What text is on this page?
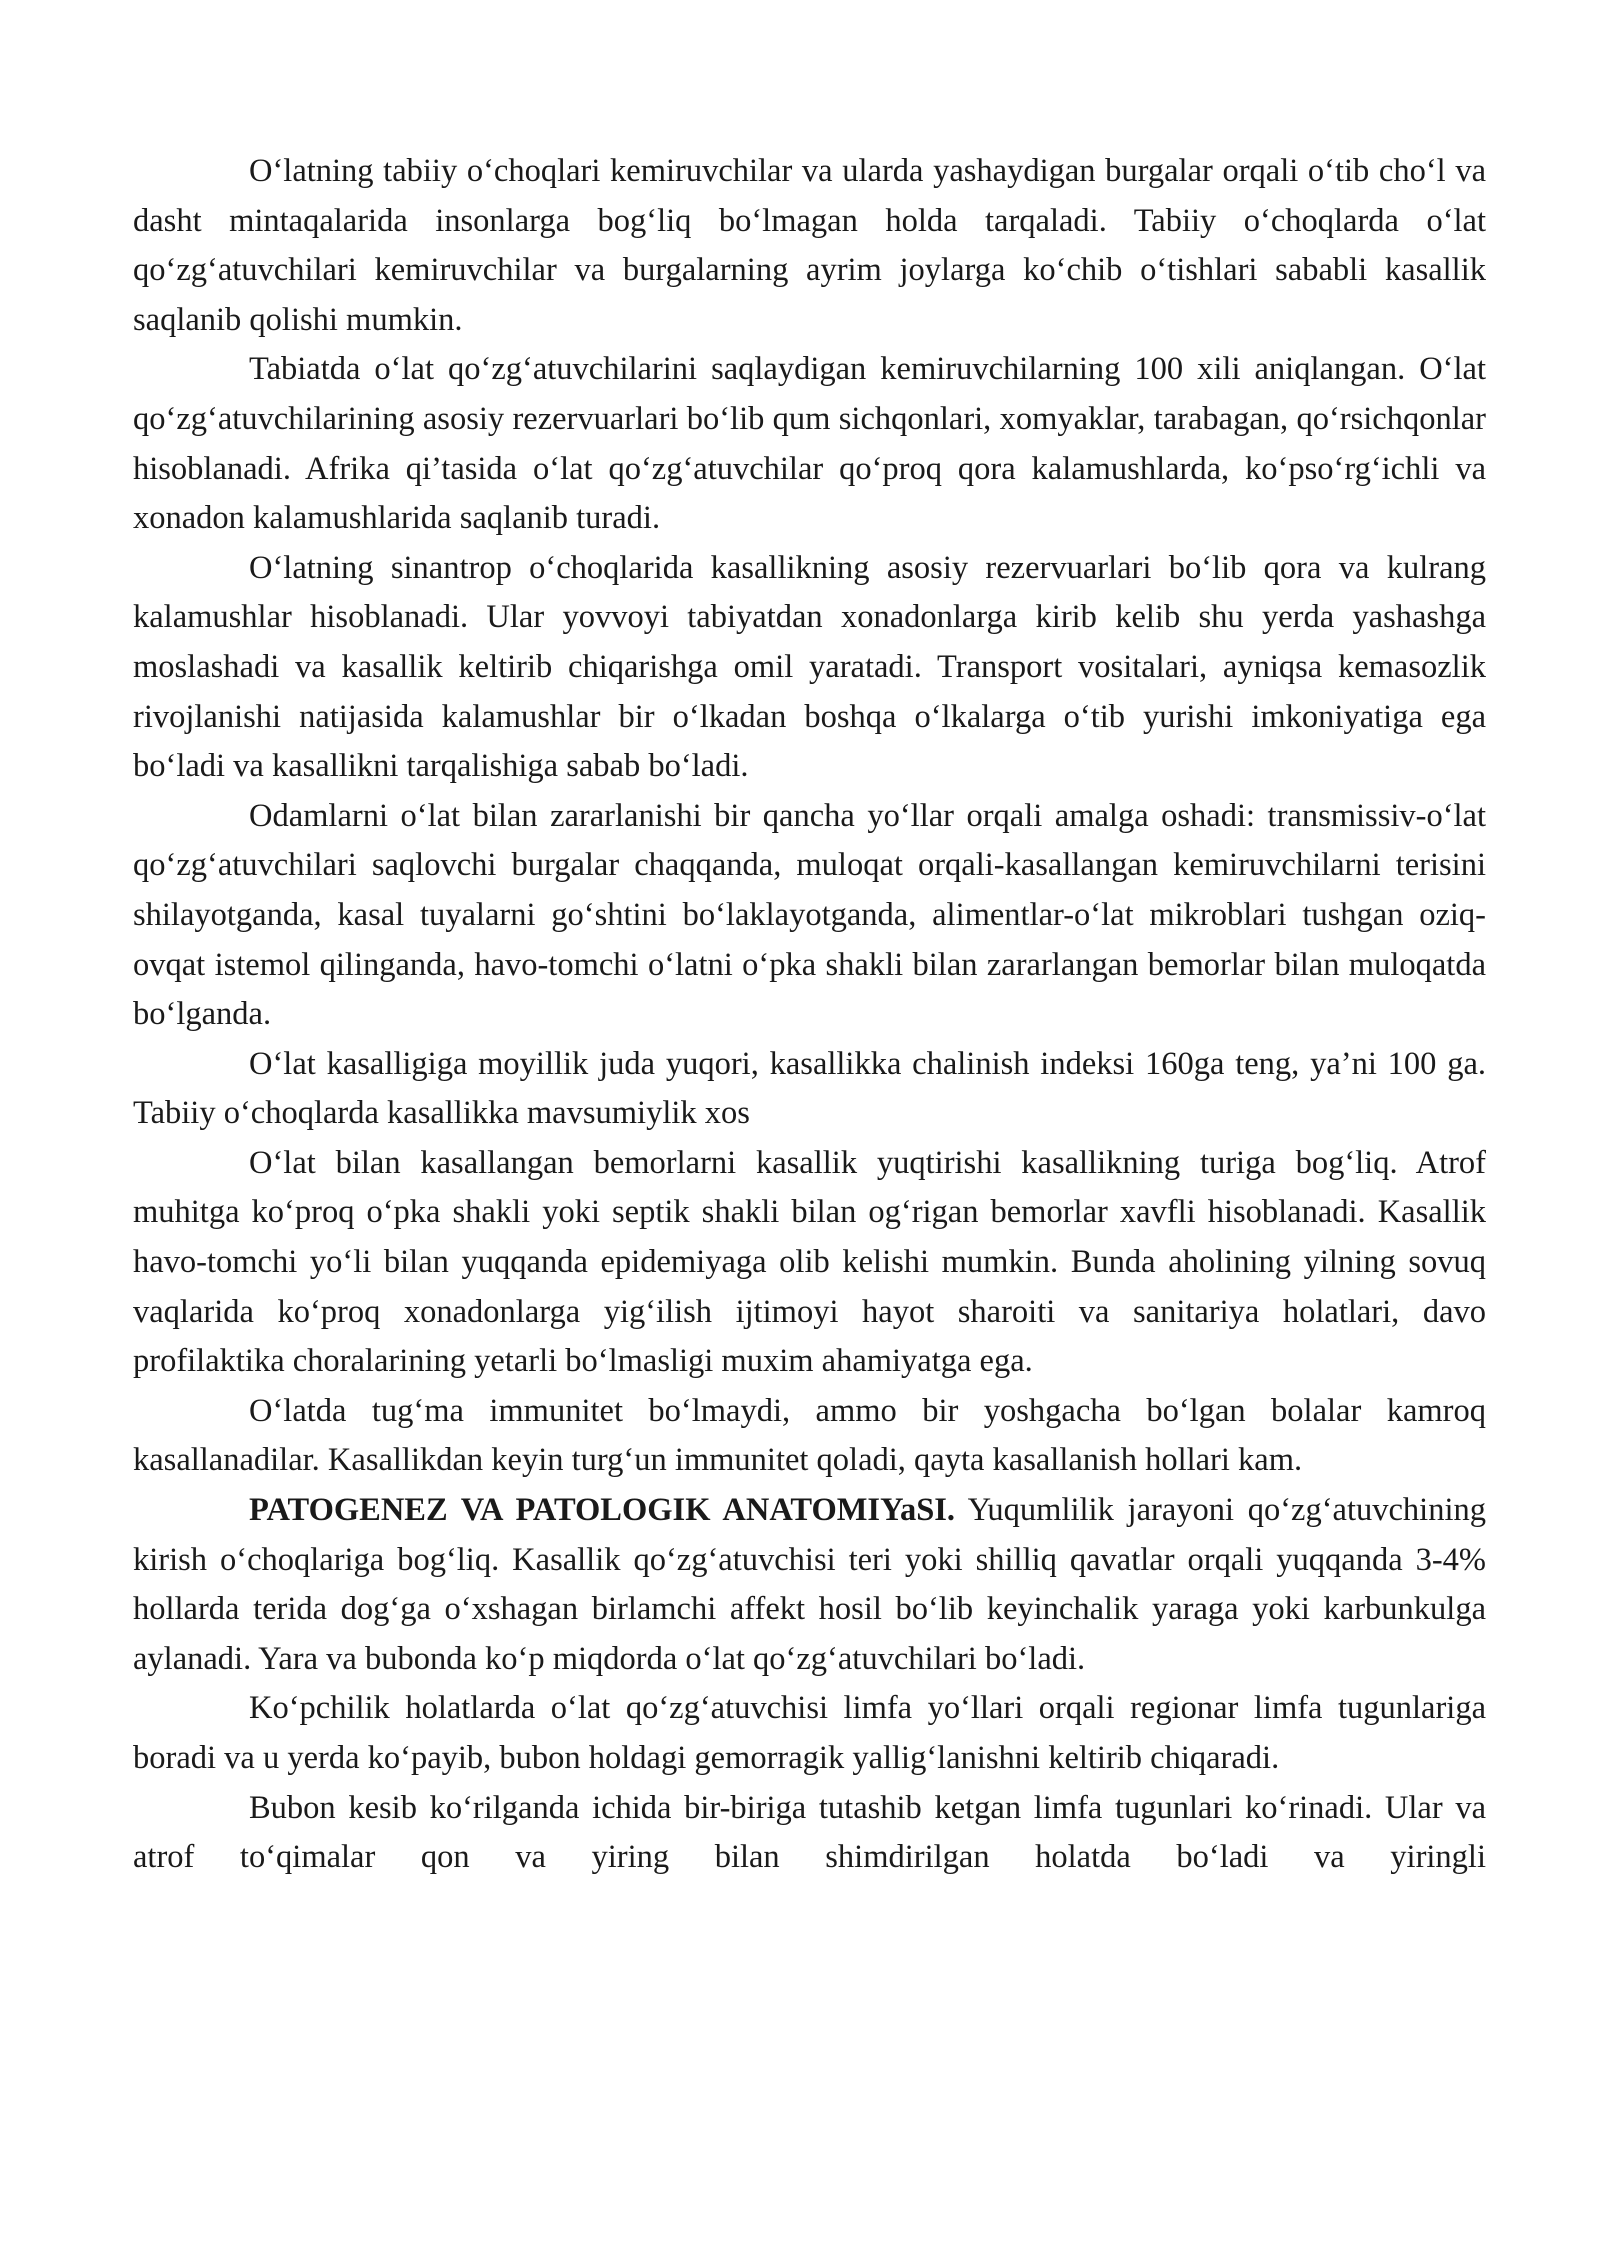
Oʻlatning tabiiy oʻchoqlari kemiruvchilar va ularda yashaydigan burgalar orqali oʻtib choʻl va dasht mintaqalarida insonlarga bogʻliq boʻlmagan holda tarqaladi. Tabiiy oʻchoqlarda oʻlat qoʻzgʻatuvchilari kemiruvchilar va burgalarning ayrim joylarga koʻchib oʻtishlari sababli kasallik saqlanib qolishi mumkin.

Tabiatda oʻlat qoʻzgʻatuvchilarini saqlaydigan kemiruvchilarning 100 xili aniqlangan. Oʻlat qoʻzgʻatuvchilarining asosiy rezervuarlari boʻlib qum sichqonlari, xomyaklar, tarabagan, qoʻrsichqonlar hisoblanadi. Afrika qi’tasida oʻlat qoʻzgʻatuvchilar qoʻproq qora kalamushlarda, koʻpsoʻrgʻichli va xonadon kalamushlarida saqlanib turadi.

Oʻlatning sinantrop oʻchoqlarida kasallikning asosiy rezervuarlari boʻlib qora va kulrang kalamushlar hisoblanadi. Ular yovvoyi tabiyatdan xonadonlarga kirib kelib shu yerda yashashga moslashadi va kasallik keltirib chiqarishga omil yaratadi. Transport vositalari, ayniqsa kemasozlik rivojlanishi natijasida kalamushlar bir oʻlkadan boshqa oʻlkalarga oʻtib yurishi imkoniyatiga ega boʻladi va kasallikni tarqalishiga sabab boʻladi.

Odamlarni oʻlat bilan zararlanishi bir qancha yoʻllar orqali amalga oshadi: transmissiv-oʻlat qoʻzgʻatuvchilari saqlovchi burgalar chaqqanda, muloqat orqali-kasallangan kemiruvchilarni terisini shilayotganda, kasal tuyalarni goʻshtini boʻlaklayotganda, alimentlar-oʻlat mikroblari tushgan oziq-ovqat istemol qilinganda, havo-tomchi oʻlatni oʻpka shakli bilan zararlangan bemorlar bilan muloqatda boʻlganda.

Oʻlat kasalligiga moyillik juda yuqori, kasallikka chalinish indeksi 160ga teng, ya’ni 100 ga. Tabiiy oʻchoqlarda kasallikka mavsumiylik xos

Oʻlat bilan kasallangan bemorlarni kasallik yuqtirishi kasallikning turiga bogʻliq. Atrof muhitga koʻproq oʻpka shakli yoki septik shakli bilan ogʻrigan bemorlar xavfli hisoblanadi. Kasallik havo-tomchi yoʻli bilan yuqqanda epidemiyaga olib kelishi mumkin. Bunda aholining yilning sovuq vaqlarida koʻproq xonadonlarga yigʻilish ijtimoyi hayot sharoiti va sanitariya holatlari, davo profilaktika choralarining yetarli boʻlmasligi muxim ahamiyatga ega.

Oʻlatda tugʻma immunitet boʻlmaydi, ammo bir yoshgacha boʻlgan bolalar kamroq kasallanadilar. Kasallikdan keyin turgʻun immunitet qoladi, qayta kasallanish hollari kam.

PATOGENEZ VA PATOLOGIK ANATOMIYaSI. Yuqumlilik jarayoni qoʻzgʻatuvchining kirish oʻchoqlariga bogʻliq. Kasallik qoʻzgʻatuvchisi teri yoki shilliq qavatlar orqali yuqqanda 3-4% hollarda terida dogʻga oʻxshagan birlamchi affekt hosil boʻlib keyinchalik yaraga yoki karbunkulga aylanadi. Yara va bubonda koʻp miqdorda oʻlat qoʻzgʻatuvchilari boʻladi.

Koʻpchilik holatlarda oʻlat qoʻzgʻatuvchisi limfa yoʻllari orqali regionar limfa tugunlariga boradi va u yerda koʻpayib, bubon holdagi gemorragik yalligʻlanishni keltirib chiqaradi.

Bubon kesib koʻrilganda ichida bir-biriga tutashib ketgan limfa tugunlari koʻrinadi. Ular va atrof toʻqimalar qon va yiring bilan shimdirilgan holatda boʻladi va yiringli
